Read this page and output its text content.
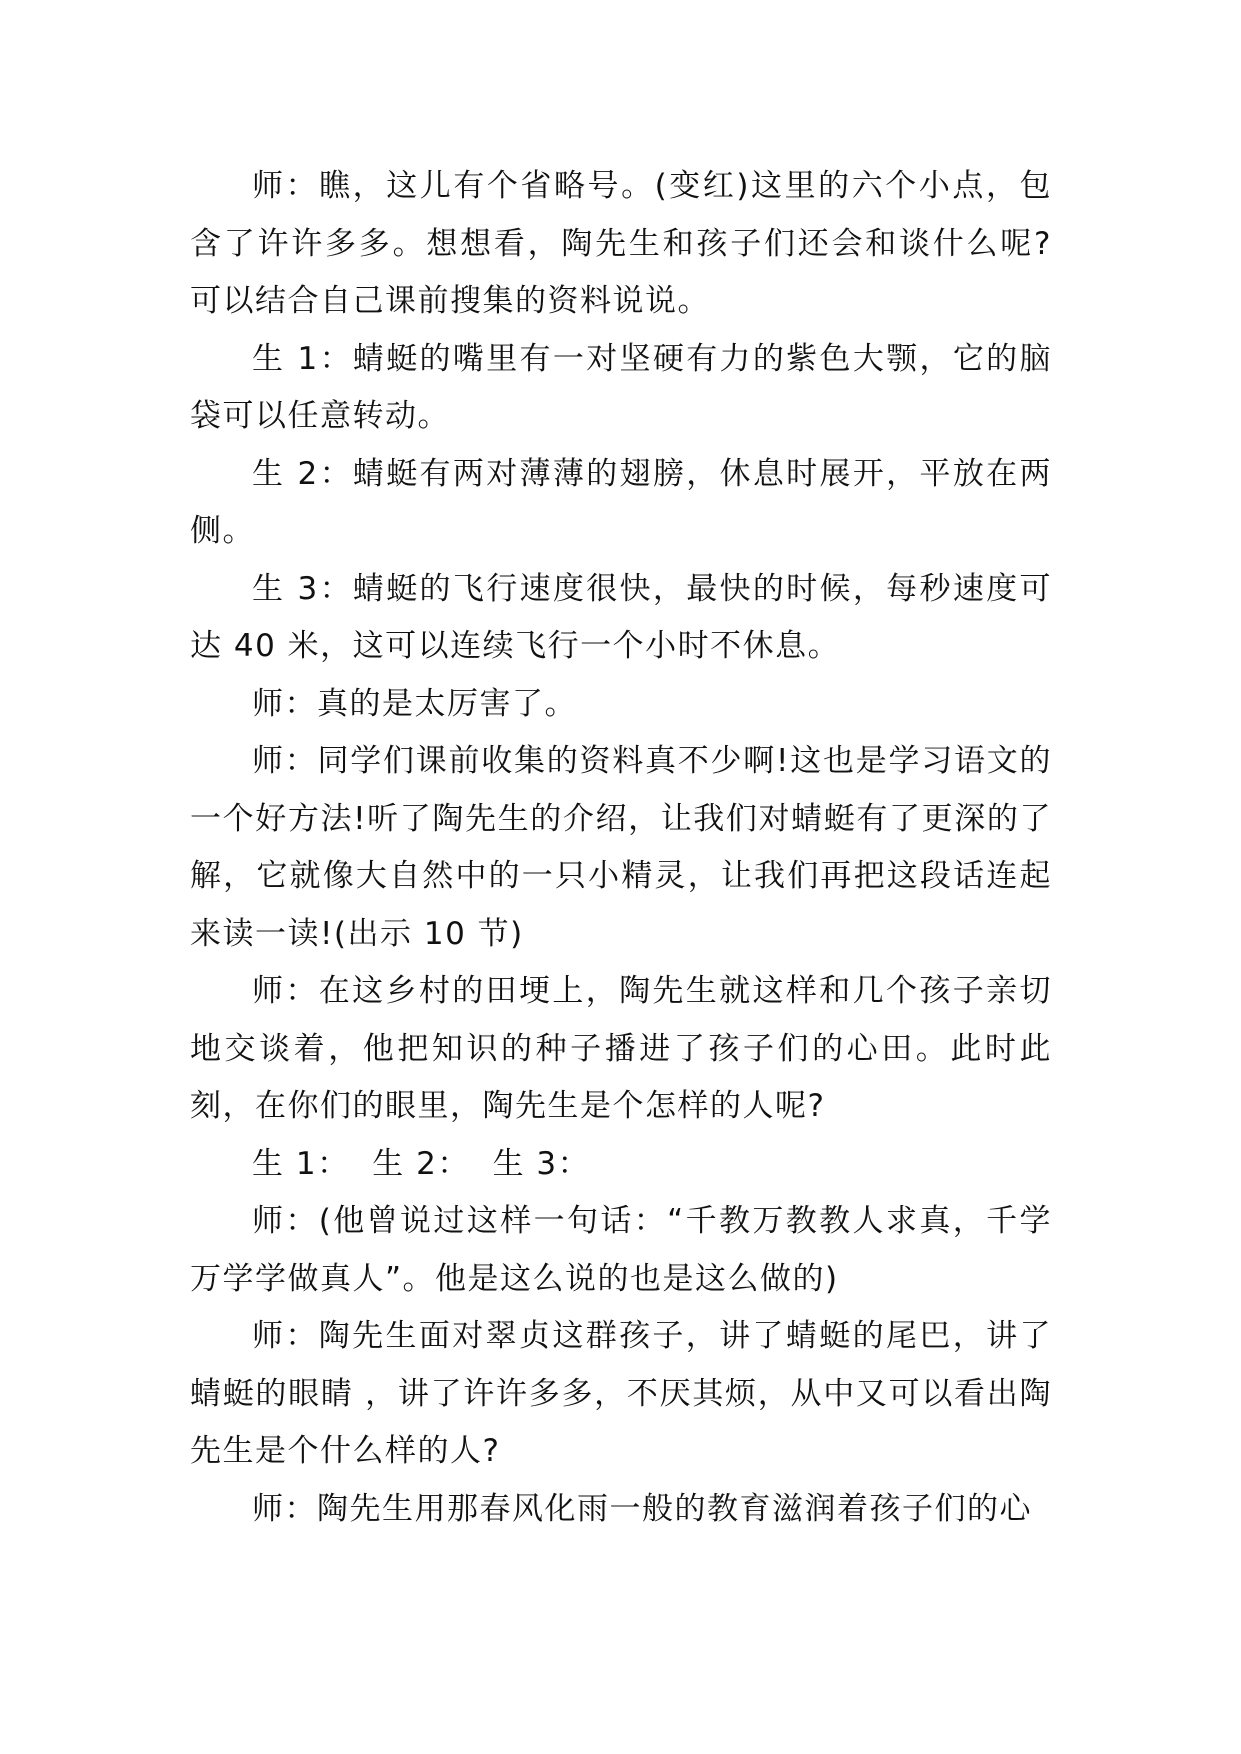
师：瞧，这儿有个省略号。(变红)这里的六个小点，包含了许许多多。想想看，陶先生和孩子们还会和谈什么呢?可以结合自己课前搜集的资料说说。

生 1：蜻蜓的嘴里有一对坚硬有力的紫色大颚，它的脑袋可以任意转动。

生 2：蜻蜓有两对薄薄的翅膀，休息时展开，平放在两侧。

生 3：蜻蜓的飞行速度很快，最快的时候，每秒速度可达 40 米，这可以连续飞行一个小时不休息。

师：真的是太厉害了。

师：同学们课前收集的资料真不少啊!这也是学习语文的一个好方法!听了陶先生的介绍，让我们对蜻蜓有了更深的了解，它就像大自然中的一只小精灵，让我们再把这段话连起来读一读!(出示 10 节)

师：在这乡村的田埂上，陶先生就这样和几个孩子亲切地交谈着，他把知识的种子播进了孩子们的心田。此时此刻，在你们的眼里，陶先生是个怎样的人呢?

生 1：  生 2：  生 3：

师：(他曾说过这样一句话：“千教万教教人求真，千学万学学做真人”。他是这么说的也是这么做的)

师：陶先生面对翠贞这群孩子，讲了蜻蜓的尾巴，讲了蜻蜓的眼睛 ，讲了许许多多，不厌其烦，从中又可以看出陶先生是个什么样的人?

师：陶先生用那春风化雨一般的教育滋润着孩子们的心
